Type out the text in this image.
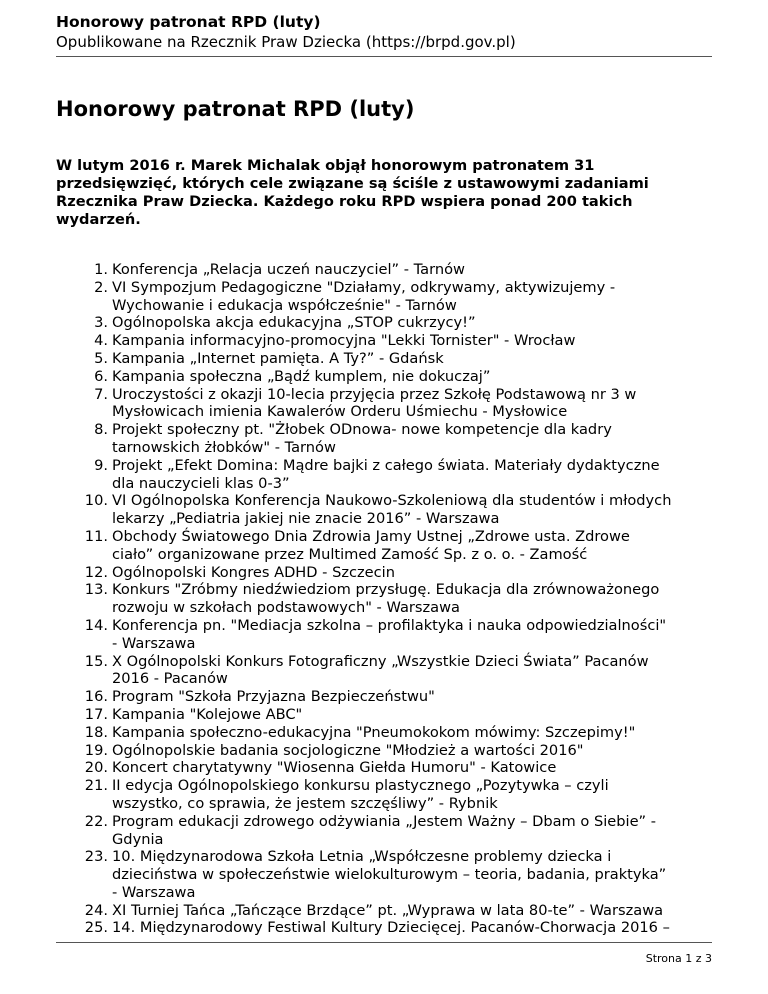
Honorowy patronat RPD (luty)
Opublikowane na Rzecznik Praw Dziecka (https://brpd.gov.pl)
Honorowy patronat RPD (luty)

W lutym 2016 r. Marek Michalak objął honorowym patronatem 31 przedsięwzięć, których cele związane są ściśle z ustawowymi zadaniami Rzecznika Praw Dziecka. Każdego roku RPD wspiera ponad 200 takich wydarzeń.

1. Konferencja „Relacja uczeń nauczyciel” - Tarnów
2. VI Sympozjum Pedagogiczne "Działamy, odkrywamy, aktywizujemy -
Wychowanie i edukacja współcześnie" - Tarnów
3. Ogólnopolska akcja edukacyjna „STOP cukrzycy!”
4. Kampania informacyjno-promocyjna "Lekki Tornister" - Wrocław
5. Kampania „Internet pamięta. A Ty?” - Gdańsk
6. Kampania społeczna „Bądź kumplem, nie dokuczaj”
7. Uroczystości z okazji 10-lecia przyjęcia przez Szkołę Podstawową nr 3 w
Mysłowicach imienia Kawalerów Orderu Uśmiechu - Mysłowice
8. Projekt społeczny pt. "Żłobek ODnowa- nowe kompetencje dla kadry
tarnowskich żłobków" - Tarnów
9. Projekt „Efekt Domina: Mądre bajki z całego świata. Materiały dydaktyczne
dla nauczycieli klas 0-3”
10. VI Ogólnopolska Konferencja Naukowo-Szkoleniową dla studentów i młodych
lekarzy „Pediatria jakiej nie znacie 2016” - Warszawa
11. Obchody Światowego Dnia Zdrowia Jamy Ustnej „Zdrowe usta. Zdrowe
ciało” organizowane przez Multimed Zamość Sp. z o. o. - Zamość
12. Ogólnopolski Kongres ADHD - Szczecin
13. Konkurs "Zróbmy niedźwiedziom przysługę. Edukacja dla zrównoważonego
rozwoju w szkołach podstawowych" - Warszawa
14. Konferencja pn. "Mediacja szkolna – profilaktyka i nauka odpowiedzialności"
- Warszawa
15. X Ogólnopolski Konkurs Fotograficzny „Wszystkie Dzieci Świata” Pacanów
2016 - Pacanów
16. Program "Szkoła Przyjazna Bezpieczeństwu"
17. Kampania "Kolejowe ABC"
18. Kampania społeczno-edukacyjna "Pneumokokom mówimy: Szczepimy!"
19. Ogólnopolskie badania socjologiczne "Młodzież a wartości 2016"
20. Koncert charytatywny "Wiosenna Giełda Humoru" - Katowice
21. II edycja Ogólnopolskiego konkursu plastycznego „Pozytywka – czyli
wszystko, co sprawia, że jestem szczęśliwy” - Rybnik
22. Program edukacji zdrowego odżywiania „Jestem Ważny – Dbam o Siebie” -
Gdynia
23. 10. Międzynarodowa Szkoła Letnia „Współczesne problemy dziecka i
dzieciństwa w społeczeństwie wielokulturowym – teoria, badania, praktyka”
- Warszawa
24. XI Turniej Tańca „Tańczące Brzdące” pt. „Wyprawa w lata 80-te” - Warszawa
25. 14. Międzynarodowy Festiwal Kultury Dziecięcej. Pacanów-Chorwacja 2016 –
Strona 1 z 3
